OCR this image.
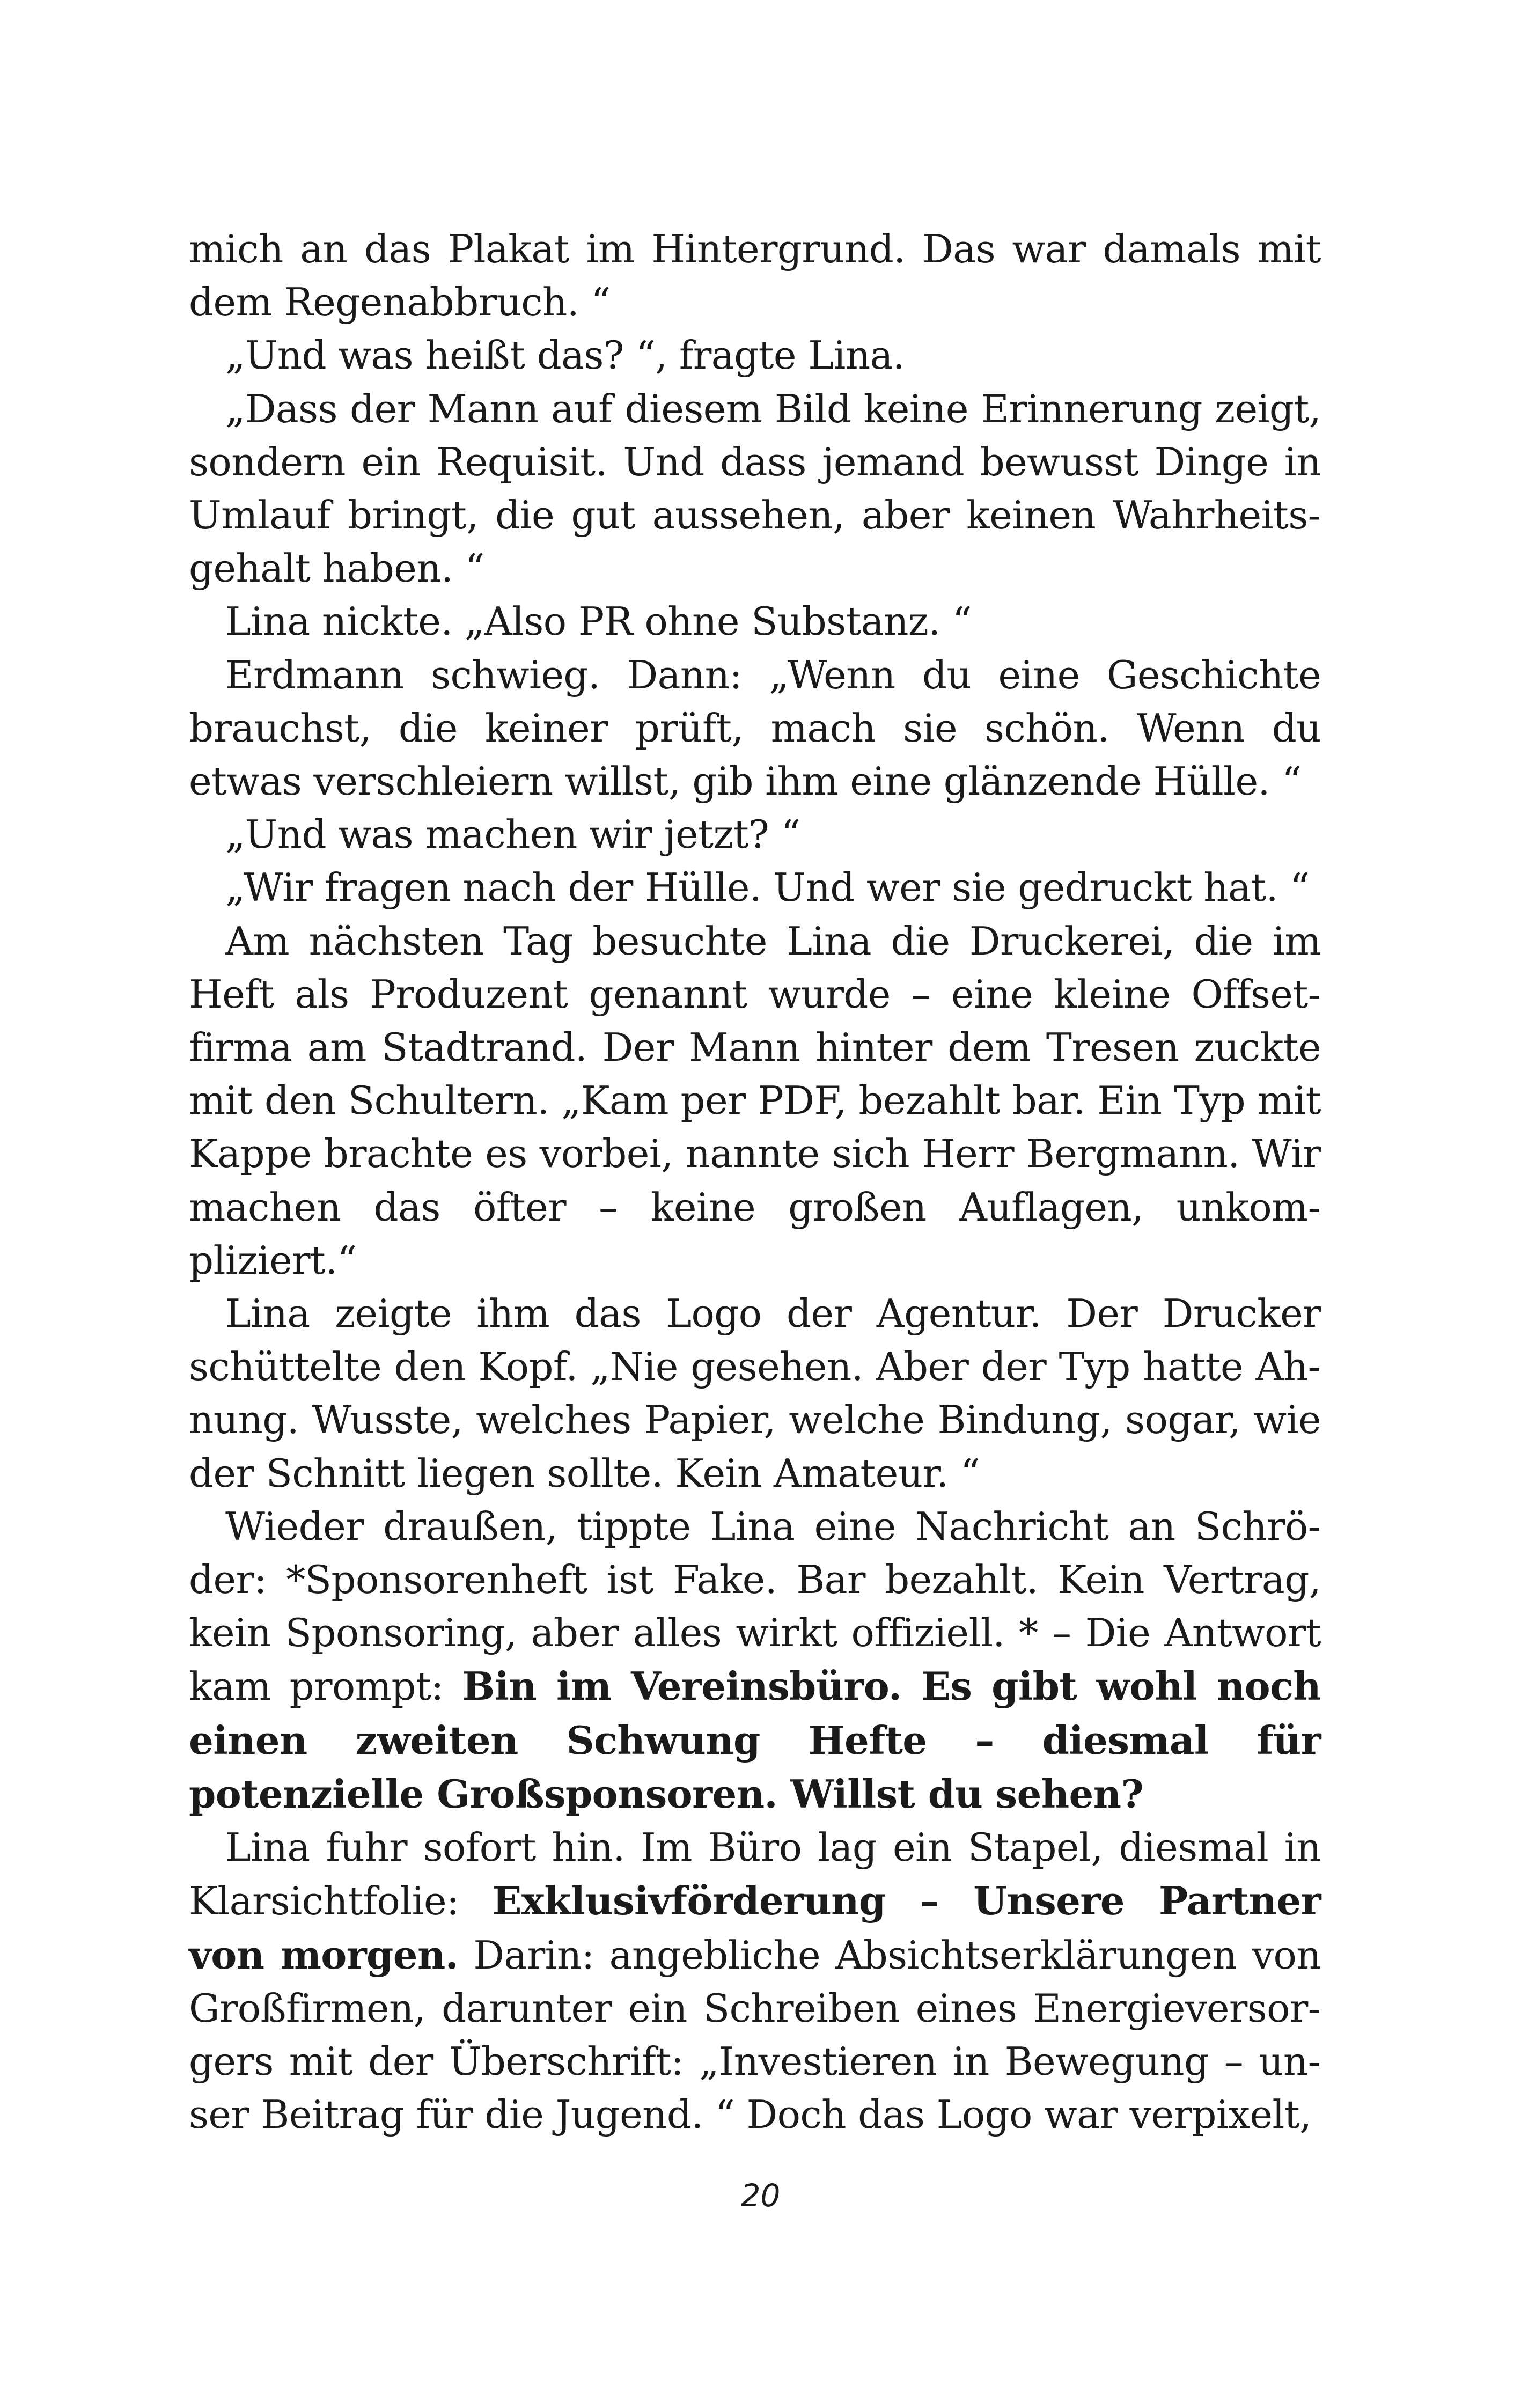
mich an das Plakat im Hintergrund. Das war damals mit dem Regenabbruch. “

„Und was heißt das? “, fragte Lina.

„Dass der Mann auf diesem Bild keine Erinnerung zeigt, sondern ein Requisit. Und dass jemand bewusst Dinge in Umlauf bringt, die gut aussehen, aber keinen Wahrheitsgehalt haben. “

Lina nickte. „Also PR ohne Substanz. “

Erdmann schwieg. Dann: „Wenn du eine Geschichte brauchst, die keiner prüft, mach sie schön. Wenn du etwas verschleiern willst, gib ihm eine glänzende Hülle. “

„Und was machen wir jetzt? “

„Wir fragen nach der Hülle. Und wer sie gedruckt hat. “

Am nächsten Tag besuchte Lina die Druckerei, die im Heft als Produzent genannt wurde – eine kleine Offsetfirma am Stadtrand. Der Mann hinter dem Tresen zuckte mit den Schultern. „Kam per PDF, bezahlt bar. Ein Typ mit Kappe brachte es vorbei, nannte sich Herr Bergmann. Wir machen das öfter – keine großen Auflagen, unkompliziert.“

Lina zeigte ihm das Logo der Agentur. Der Drucker schüttelte den Kopf. „Nie gesehen. Aber der Typ hatte Ahnung. Wusste, welches Papier, welche Bindung, sogar, wie der Schnitt liegen sollte. Kein Amateur. “

Wieder draußen, tippte Lina eine Nachricht an Schröder: *Sponsorenheft ist Fake. Bar bezahlt. Kein Vertrag, kein Sponsoring, aber alles wirkt offiziell. * – Die Antwort kam prompt: Bin im Vereinsbüro. Es gibt wohl noch einen zweiten Schwung Hefte – diesmal für potenzielle Großsponsoren. Willst du sehen?

Lina fuhr sofort hin. Im Büro lag ein Stapel, diesmal in Klarsichtfolie: Exklusivförderung – Unsere Partner von morgen. Darin: angebliche Absichtserklärungen von Großfirmen, darunter ein Schreiben eines Energieversorgers mit der Überschrift: „Investieren in Bewegung – unser Beitrag für die Jugend. “ Doch das Logo war verpixelt,

20
